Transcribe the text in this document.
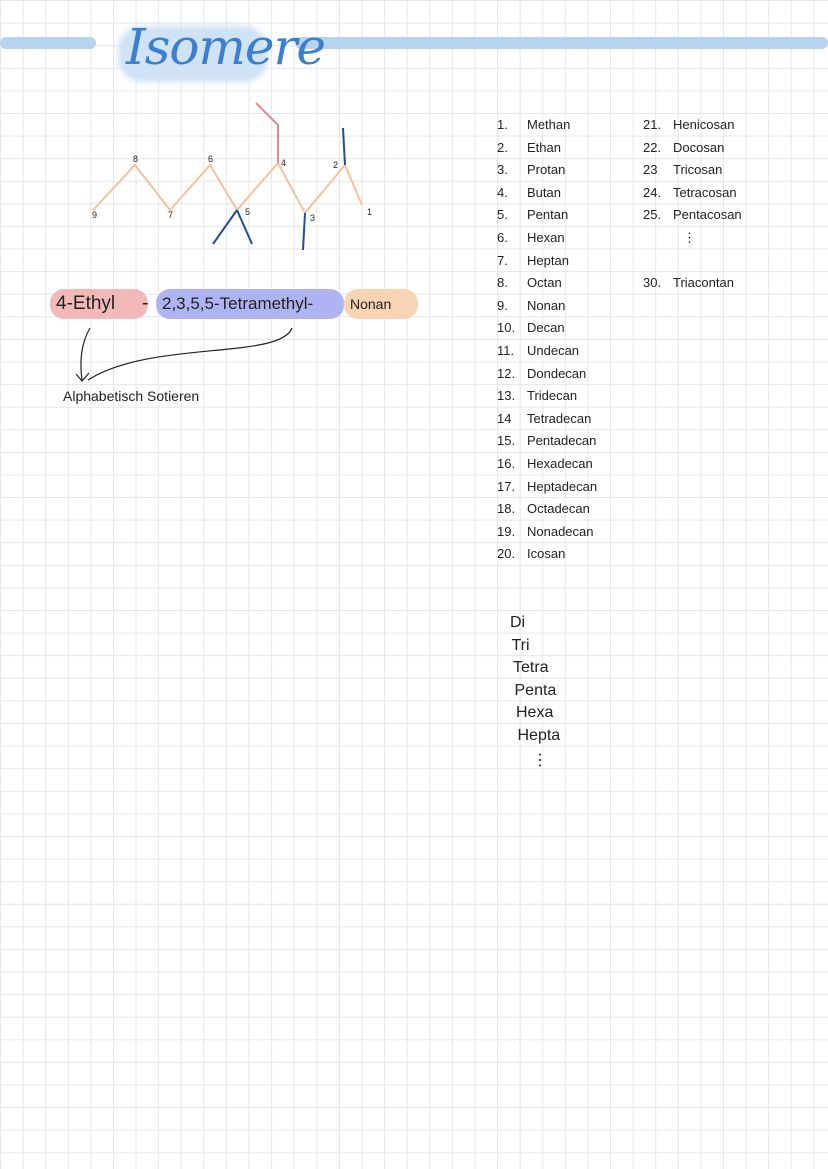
Isomere
9
8
7
6
5
4
3
2
1
4-Ethyl	- 2,3,5,5-Tetramethyl-	Nonan
Alphabetisch Sotieren
1. Methan
2. Ethan
3. Protan
4. Butan
5. Pentan
6. Hexan
7. Heptan
8. Octan
9. Nonan
10. Decan
11. Undecan
12. Dondecan
13. Tridecan
14 Tetradecan
15. Pentadecan
16. Hexadecan
17. Heptadecan
18. Octadecan
19. Nonadecan
20. Icosan
21. Henicosan
22. Docosan
23 Tricosan
24. Tetracosan
25. Pentacosan
⋮
30. Triacontan
Di
Tri
Tetra
Penta
Hexa
Hepta
⋮
